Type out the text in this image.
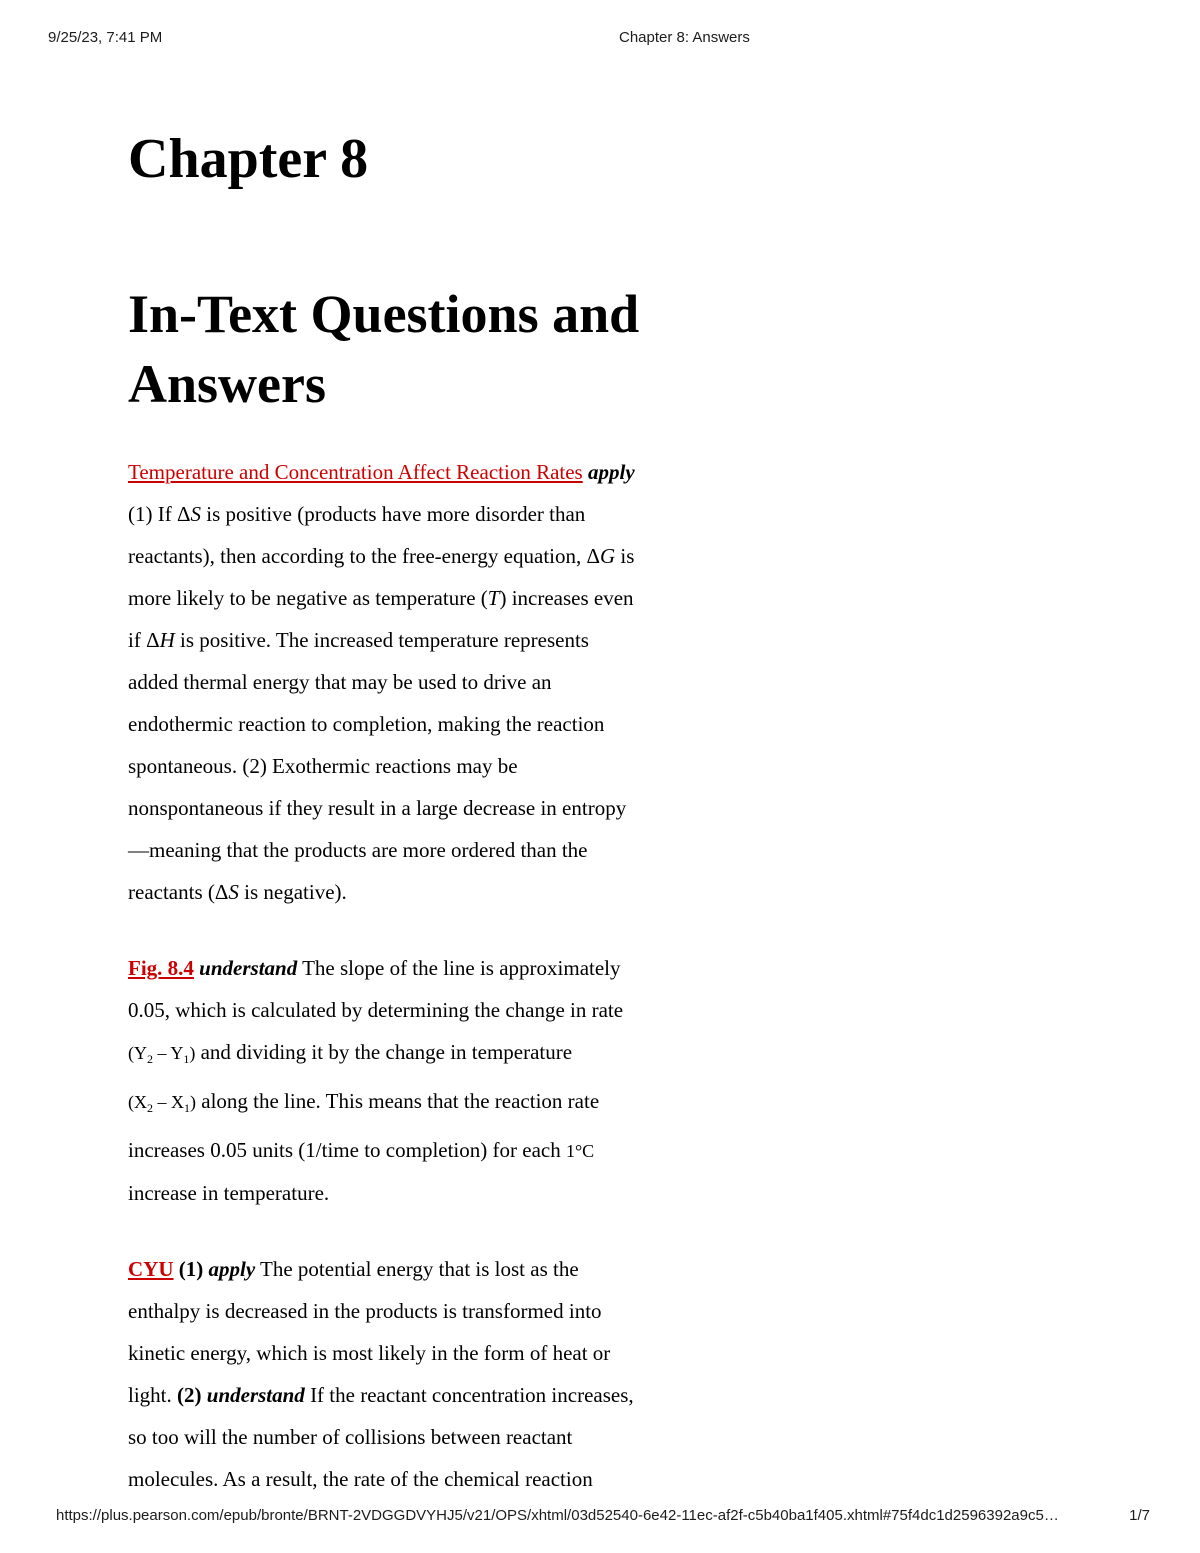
9/25/23, 7:41 PM	Chapter 8: Answers
Chapter 8
In-Text Questions and Answers

Temperature and Concentration Affect Reaction Rates apply
(1) If ΔS is positive (products have more disorder than
reactants), then according to the free-energy equation, ΔG is
more likely to be negative as temperature (T) increases even
if ΔH is positive. The increased temperature represents
added thermal energy that may be used to drive an
endothermic reaction to completion, making the reaction
spontaneous. (2) Exothermic reactions may be
nonspontaneous if they result in a large decrease in entropy
—meaning that the products are more ordered than the
reactants (ΔS is negative).

Fig. 8.4 understand The slope of the line is approximately
0.05, which is calculated by determining the change in rate
(Y2 – Y1) and dividing it by the change in temperature
(X2 – X1) along the line. This means that the reaction rate
increases 0.05 units (1/time to completion) for each 1°C
increase in temperature.

CYU (1) apply The potential energy that is lost as the
enthalpy is decreased in the products is transformed into
kinetic energy, which is most likely in the form of heat or
light. (2) understand If the reactant concentration increases,
so too will the number of collisions between reactant
molecules. As a result, the rate of the chemical reaction

https://plus.pearson.com/epub/bronte/BRNT-2VDGGDVYHJ5/v21/OPS/xhtml/03d52540-6e42-11ec-af2f-c5b40ba1f405.xhtml#75f4dc1d2596392a9c5…	1/7
